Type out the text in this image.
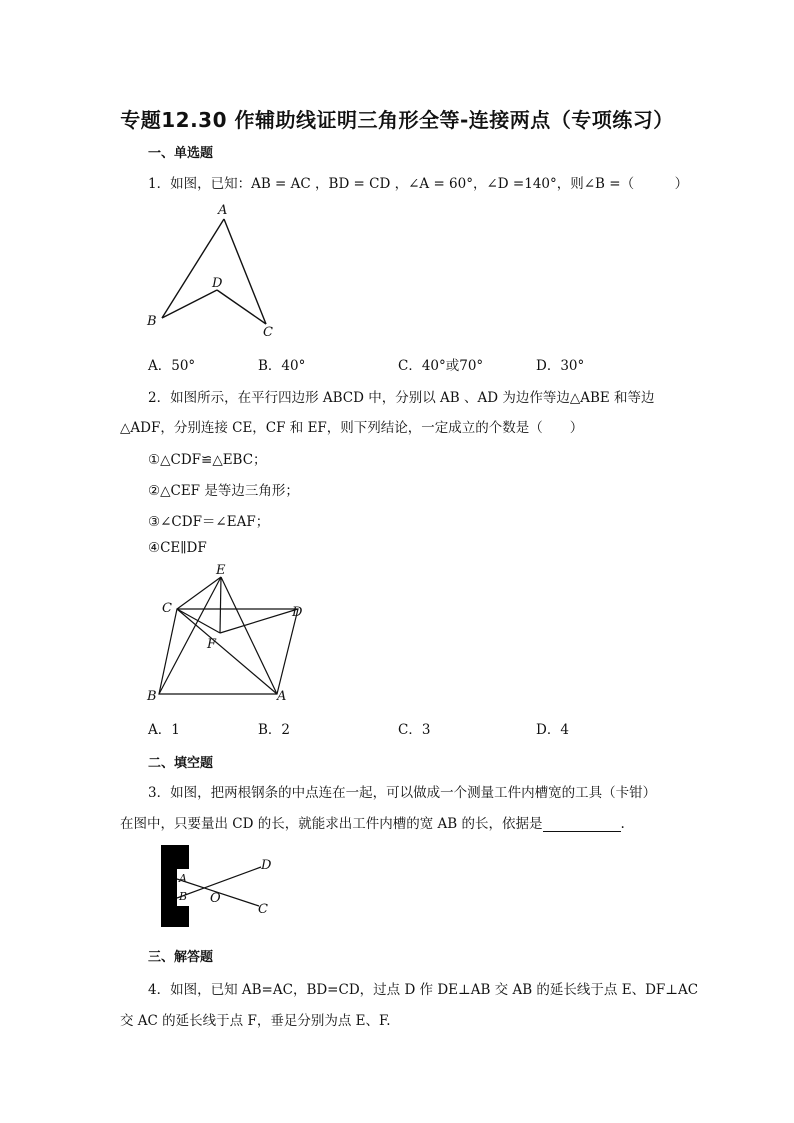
专题12.30 作辅助线证明三角形全等-连接两点（专项练习）
一、单选题
1．如图，已知：AB = AC ，BD = CD ，∠A = 60°，∠D =140°，则∠B =（　　　）
A
B
D
C
A．50°	B．40°	C．40°或70°	D．30°
2．如图所示，在平行四边形 ABCD 中，分别以 AB 、AD 为边作等边△ABE 和等边
△ADF，分别连接 CE，CF 和 EF，则下列结论，一定成立的个数是（　　）
①△CDF≌△EBC；
②△CEF 是等边三角形；
③∠CDF＝∠EAF；
④CE∥DF
E
C	D
F
B	A
A．1	B．2	C．3	D．4
二、填空题
3．如图，把两根钢条的中点连在一起，可以做成一个测量工件内槽宽的工具（卡钳）
在图中，只要量出 CD 的长，就能求出工件内槽的宽 AB 的长，依据是	.
A
B O
D
C
三、解答题
4．如图，已知 AB=AC，BD=CD，过点 D 作 DE⊥AB 交 AB 的延长线于点 E、DF⊥AC
交 AC 的延长线于点 F，垂足分别为点 E、F.
